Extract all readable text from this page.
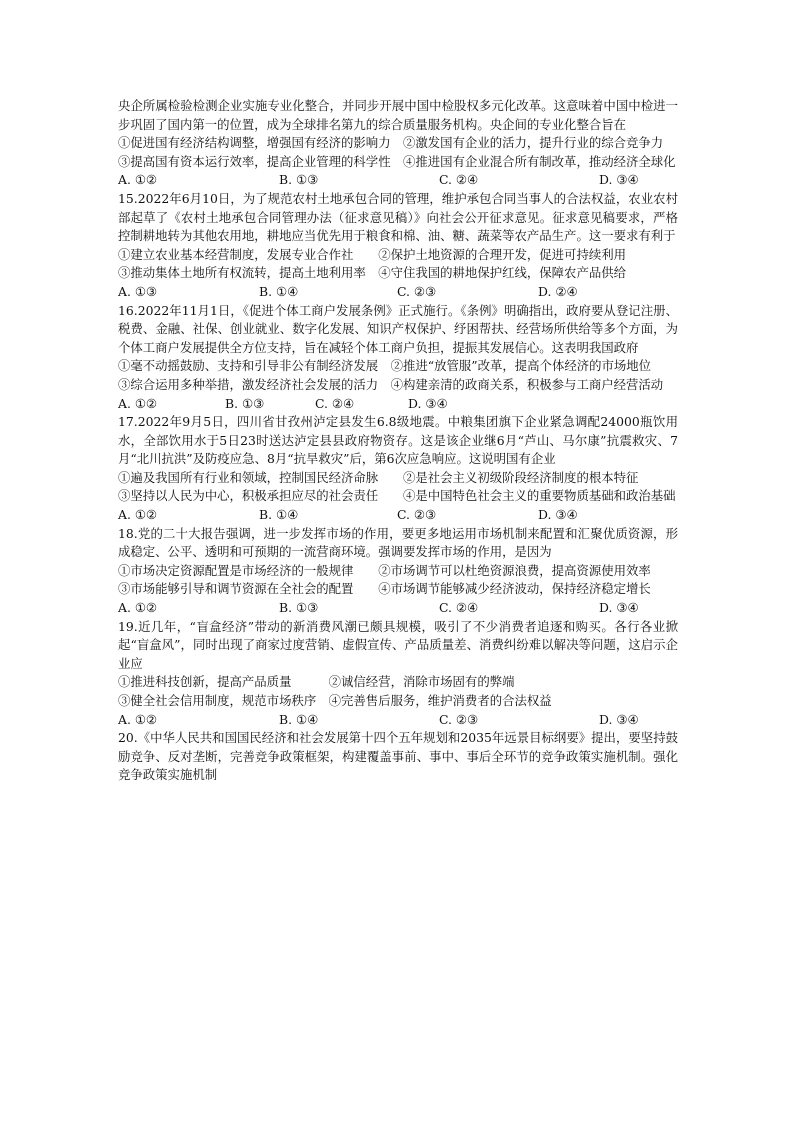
央企所属检验检测企业实施专业化整合，并同步开展中国中检股权多元化改革。这意味着中国中检进一步巩固了国内第一的位置，成为全球排名第九的综合质量服务机构。央企间的专业化整合旨在

①促进国有经济结构调整，增强国有经济的影响力　②激发国有企业的活力，提升行业的综合竞争力

③提高国有资本运行效率，提高企业管理的科学性　④推进国有企业混合所有制改革，推动经济全球化

A. ①②	B. ①③	C. ②④	D. ③④

15.2022年6月10日，为了规范农村土地承包合同的管理，维护承包合同当事人的合法权益，农业农村部起草了《农村土地承包合同管理办法（征求意见稿）》向社会公开征求意见。征求意见稿要求，严格控制耕地转为其他农用地，耕地应当优先用于粮食和棉、油、糖、蔬菜等农产品生产。这一要求有利于

①建立农业基本经营制度，发展专业合作社　　②保护土地资源的合理开发，促进可持续利用

③推动集体土地所有权流转，提高土地利用率　④守住我国的耕地保护红线，保障农产品供给

A. ①③	B. ①④	C. ②③	D. ②④

16.2022年11月1日，《促进个体工商户发展条例》正式施行。《条例》明确指出，政府要从登记注册、税费、金融、社保、创业就业、数字化发展、知识产权保护、纾困帮扶、经营场所供给等多个方面，为个体工商户发展提供全方位支持，旨在减轻个体工商户负担，提振其发展信心。这表明我国政府

①毫不动摇鼓励、支持和引导非公有制经济发展　②推进“放管服”改革，提高个体经济的市场地位

③综合运用多种举措，激发经济社会发展的活力　④构建亲清的政商关系，积极参与工商户经营活动

A. ①②	B. ①③	C. ②④	D. ③④

17.2022年9月5日，四川省甘孜州泸定县发生6.8级地震。中粮集团旗下企业紧急调配24000瓶饮用水，全部饮用水于5日23时送达泸定县县政府物资存。这是该企业继6月“芦山、马尔康”抗震救灾、7月“北川抗洪”及防疫应急、8月“抗旱救灾”后，第6次应急响应。这说明国有企业

①遍及我国所有行业和领域，控制国民经济命脉　　②是社会主义初级阶段经济制度的根本特征

③坚持以人民为中心，积极承担应尽的社会责任　　④是中国特色社会主义的重要物质基础和政治基础

A. ①②	B. ①④	C. ②③	D. ③④

18.党的二十大报告强调，进一步发挥市场的作用，要更多地运用市场机制来配置和汇聚优质资源，形成稳定、公平、透明和可预期的一流营商环境。强调要发挥市场的作用，是因为

①市场决定资源配置是市场经济的一般规律　　②市场调节可以杜绝资源浪费，提高资源使用效率

③市场能够引导和调节资源在全社会的配置　　④市场调节能够减少经济波动，保持经济稳定增长

A. ①②	B. ①③	C. ②④	D. ③④

19.近几年，“盲盒经济”带动的新消费风潮已颇具规模，吸引了不少消费者追逐和购买。各行各业掀起“盲盒风”，同时出现了商家过度营销、虚假宣传、产品质量差、消费纠纷难以解决等问题，这启示企业应

①推进科技创新，提高产品质量　　　②诚信经营，消除市场固有的弊端

③健全社会信用制度，规范市场秩序　④完善售后服务，维护消费者的合法权益

A. ①②	B. ①④	C. ②③	D. ③④

20.《中华人民共和国国民经济和社会发展第十四个五年规划和2035年远景目标纲要》提出，要坚持鼓励竞争、反对垄断，完善竞争政策框架，构建覆盖事前、事中、事后全环节的竞争政策实施机制。强化竞争政策实施机制
